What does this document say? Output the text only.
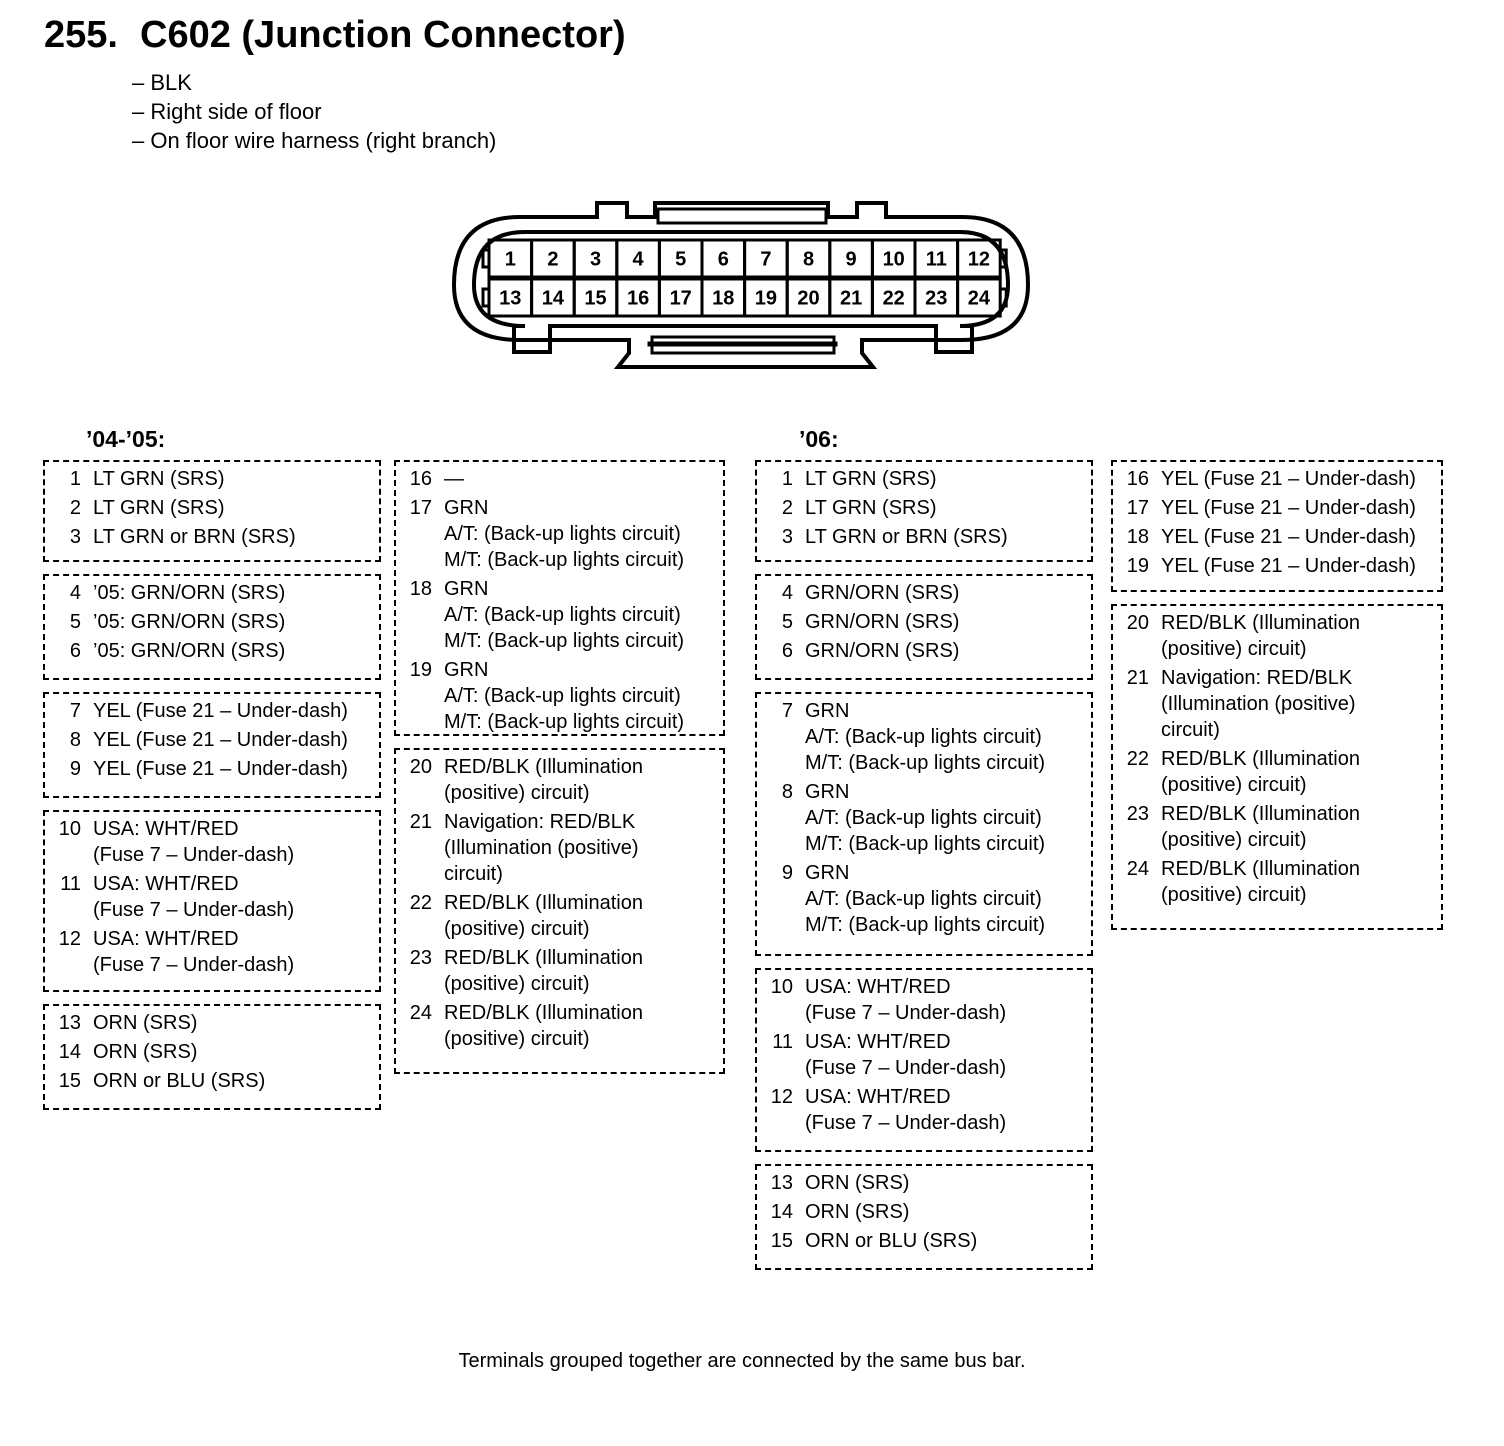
255. C602 (Junction Connector)
– BLK
– Right side of floor
– On floor wire harness (right branch)
1 2 3 4 5 6 7 8 9 10 11 12
13 14 15 16 17 18 19 20 21 22 23 24
’04-’05:	’06:
1 LT GRN (SRS)
2 LT GRN (SRS)
3 LT GRN or BRN (SRS)
4 ’05: GRN/ORN (SRS)
5 ’05: GRN/ORN (SRS)
6 ’05: GRN/ORN (SRS)
7 YEL (Fuse 21 – Under-dash)
8 YEL (Fuse 21 – Under-dash)
9 YEL (Fuse 21 – Under-dash)
10 USA: WHT/RED
(Fuse 7 – Under-dash)
11 USA: WHT/RED
(Fuse 7 – Under-dash)
12 USA: WHT/RED
(Fuse 7 – Under-dash)
13 ORN (SRS)
14 ORN (SRS)
15 ORN or BLU (SRS)
16 —
17 GRN
A/T: (Back-up lights circuit)
M/T: (Back-up lights circuit)
18 GRN
A/T: (Back-up lights circuit)
M/T: (Back-up lights circuit)
19 GRN
A/T: (Back-up lights circuit)
M/T: (Back-up lights circuit)
20 RED/BLK (Illumination
(positive) circuit)
21 Navigation: RED/BLK
(Illumination (positive)
circuit)
22 RED/BLK (Illumination
(positive) circuit)
23 RED/BLK (Illumination
(positive) circuit)
24 RED/BLK (Illumination
(positive) circuit)
1 LT GRN (SRS)
2 LT GRN (SRS)
3 LT GRN or BRN (SRS)
4 GRN/ORN (SRS)
5 GRN/ORN (SRS)
6 GRN/ORN (SRS)
7 GRN
A/T: (Back-up lights circuit)
M/T: (Back-up lights circuit)
8 GRN
A/T: (Back-up lights circuit)
M/T: (Back-up lights circuit)
9 GRN
A/T: (Back-up lights circuit)
M/T: (Back-up lights circuit)
10 USA: WHT/RED
(Fuse 7 – Under-dash)
11 USA: WHT/RED
(Fuse 7 – Under-dash)
12 USA: WHT/RED
(Fuse 7 – Under-dash)
13 ORN (SRS)
14 ORN (SRS)
15 ORN or BLU (SRS)
16 YEL (Fuse 21 – Under-dash)
17 YEL (Fuse 21 – Under-dash)
18 YEL (Fuse 21 – Under-dash)
19 YEL (Fuse 21 – Under-dash)
20 RED/BLK (Illumination
(positive) circuit)
21 Navigation: RED/BLK
(Illumination (positive)
circuit)
22 RED/BLK (Illumination
(positive) circuit)
23 RED/BLK (Illumination
(positive) circuit)
24 RED/BLK (Illumination
(positive) circuit)
Terminals grouped together are connected by the same bus bar.
